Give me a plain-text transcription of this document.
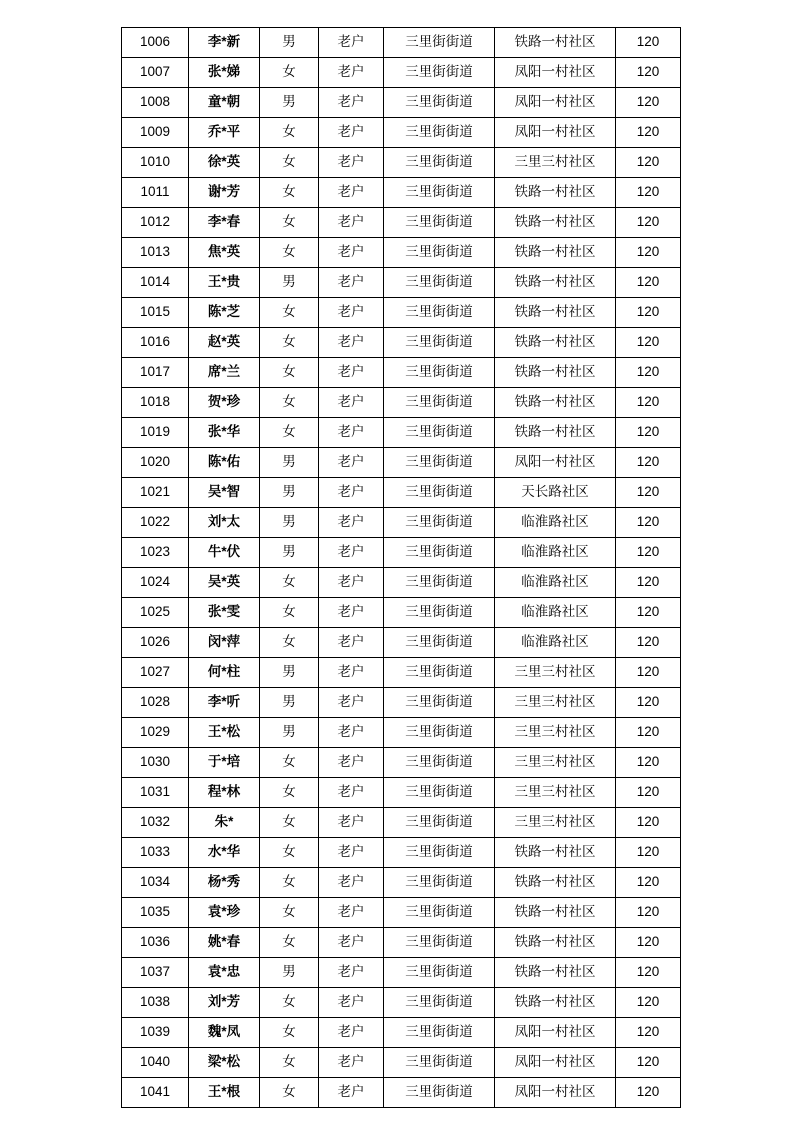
1006	李*新	男	老户	三里街街道	铁路一村社区	120
1007	张*娣	女	老户	三里街街道	凤阳一村社区	120
1008	童*朝	男	老户	三里街街道	凤阳一村社区	120
1009	乔*平	女	老户	三里街街道	凤阳一村社区	120
1010	徐*英	女	老户	三里街街道	三里三村社区	120
1011	谢*芳	女	老户	三里街街道	铁路一村社区	120
1012	李*春	女	老户	三里街街道	铁路一村社区	120
1013	焦*英	女	老户	三里街街道	铁路一村社区	120
1014	王*贵	男	老户	三里街街道	铁路一村社区	120
1015	陈*芝	女	老户	三里街街道	铁路一村社区	120
1016	赵*英	女	老户	三里街街道	铁路一村社区	120
1017	席*兰	女	老户	三里街街道	铁路一村社区	120
1018	贺*珍	女	老户	三里街街道	铁路一村社区	120
1019	张*华	女	老户	三里街街道	铁路一村社区	120
1020	陈*佑	男	老户	三里街街道	凤阳一村社区	120
1021	吴*智	男	老户	三里街街道	天长路社区	120
1022	刘*太	男	老户	三里街街道	临淮路社区	120
1023	牛*伏	男	老户	三里街街道	临淮路社区	120
1024	吴*英	女	老户	三里街街道	临淮路社区	120
1025	张*雯	女	老户	三里街街道	临淮路社区	120
1026	闵*萍	女	老户	三里街街道	临淮路社区	120
1027	何*柱	男	老户	三里街街道	三里三村社区	120
1028	李*听	男	老户	三里街街道	三里三村社区	120
1029	王*松	男	老户	三里街街道	三里三村社区	120
1030	于*培	女	老户	三里街街道	三里三村社区	120
1031	程*林	女	老户	三里街街道	三里三村社区	120
1032	朱*	女	老户	三里街街道	三里三村社区	120
1033	水*华	女	老户	三里街街道	铁路一村社区	120
1034	杨*秀	女	老户	三里街街道	铁路一村社区	120
1035	袁*珍	女	老户	三里街街道	铁路一村社区	120
1036	姚*春	女	老户	三里街街道	铁路一村社区	120
1037	袁*忠	男	老户	三里街街道	铁路一村社区	120
1038	刘*芳	女	老户	三里街街道	铁路一村社区	120
1039	魏*凤	女	老户	三里街街道	凤阳一村社区	120
1040	梁*松	女	老户	三里街街道	凤阳一村社区	120
1041	王*根	女	老户	三里街街道	凤阳一村社区	120
